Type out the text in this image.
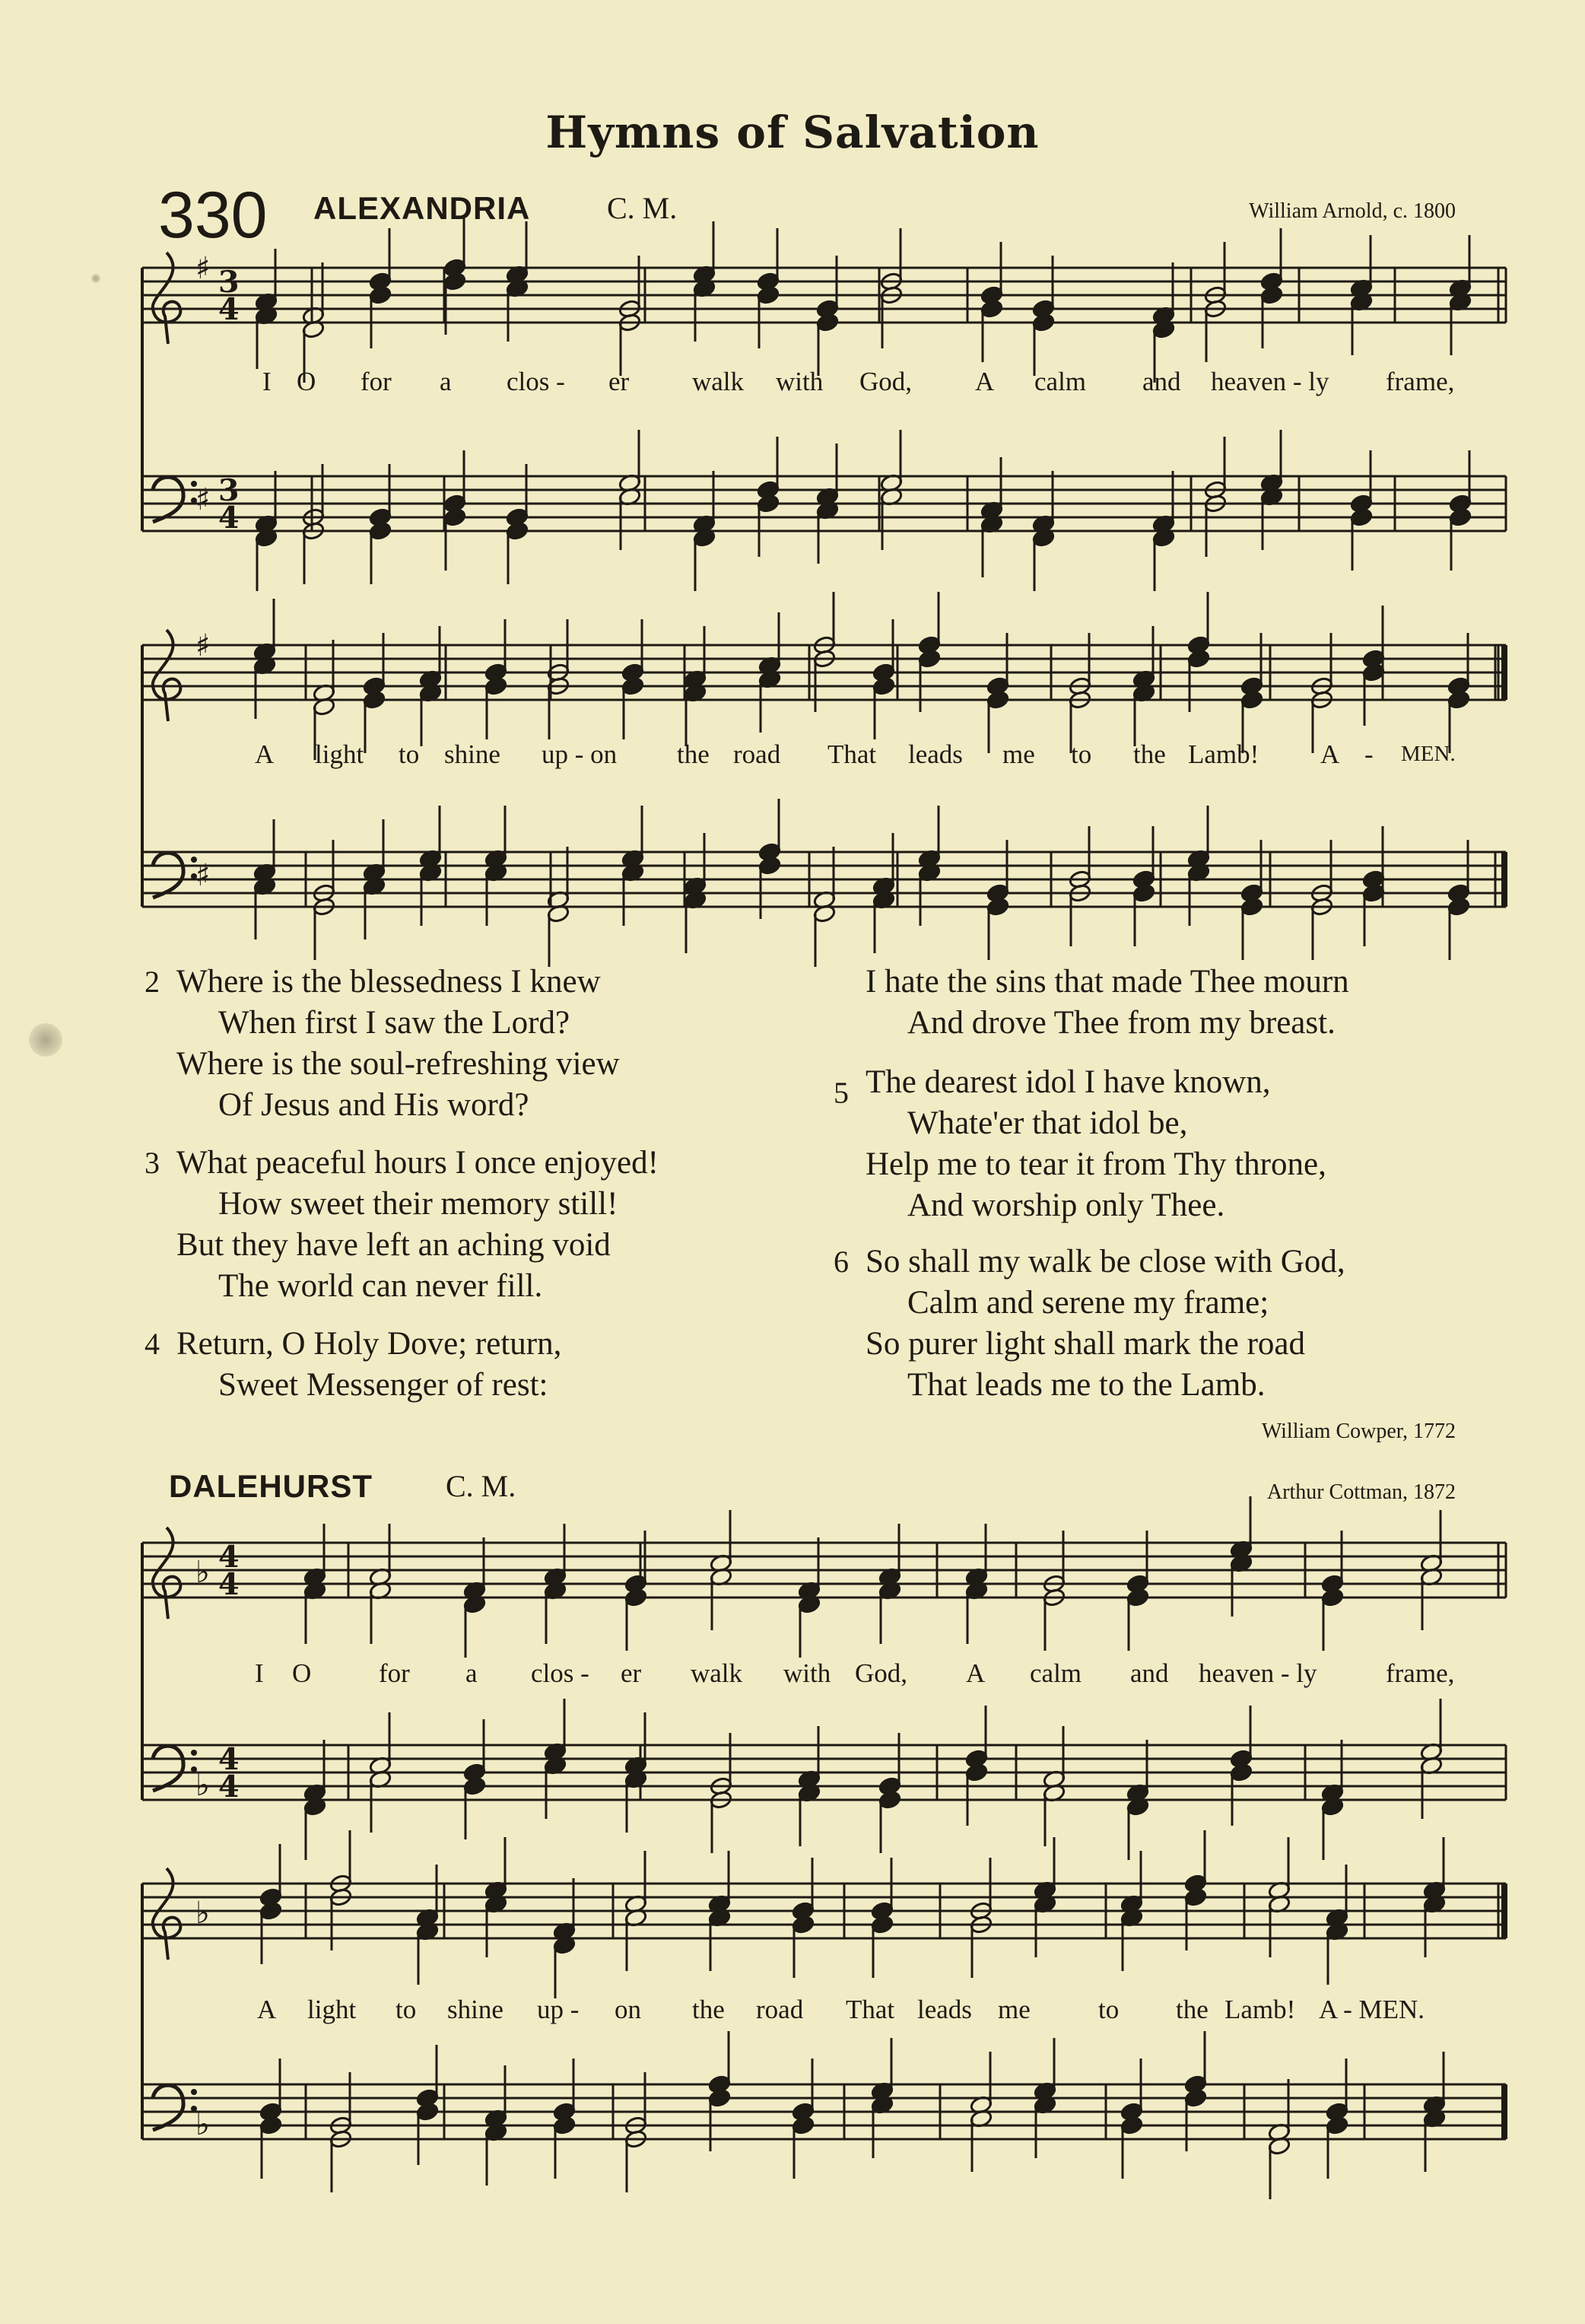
Hymns of Salvation
330 ALEXANDRIA	C. M.	William Arnold, c. 1800
♯
♯
3
4
3
4
♯
♯
♭
♭
4
4
4
4
♭
♭
I O for a clos - er walk with God, A calm and heaven - ly frame,
A light to shine up - on the road That leads me to the Lamb! A - MEN.
2 Where is the blessedness I knew
When first I saw the Lord?
Where is the soul-refreshing view
Of Jesus and His word?
3 What peaceful hours I once enjoyed!
How sweet their memory still!
But they have left an aching void
The world can never fill.
4 Return, O Holy Dove; return,
Sweet Messenger of rest:
I hate the sins that made Thee mourn
And drove Thee from my breast.
5 The dearest idol I have known,
Whate'er that idol be,
Help me to tear it from Thy throne,
And worship only Thee.
6 So shall my walk be close with God,
Calm and serene my frame;
So purer light shall mark the road
That leads me to the Lamb.
William Cowper, 1772
DALEHURST C. M.	Arthur Cottman, 1872
I O	for a clos - er walk with God, A calm and heaven - ly	frame,
A light to shine up - on the road That leads me	to the Lamb! A - MEN.
